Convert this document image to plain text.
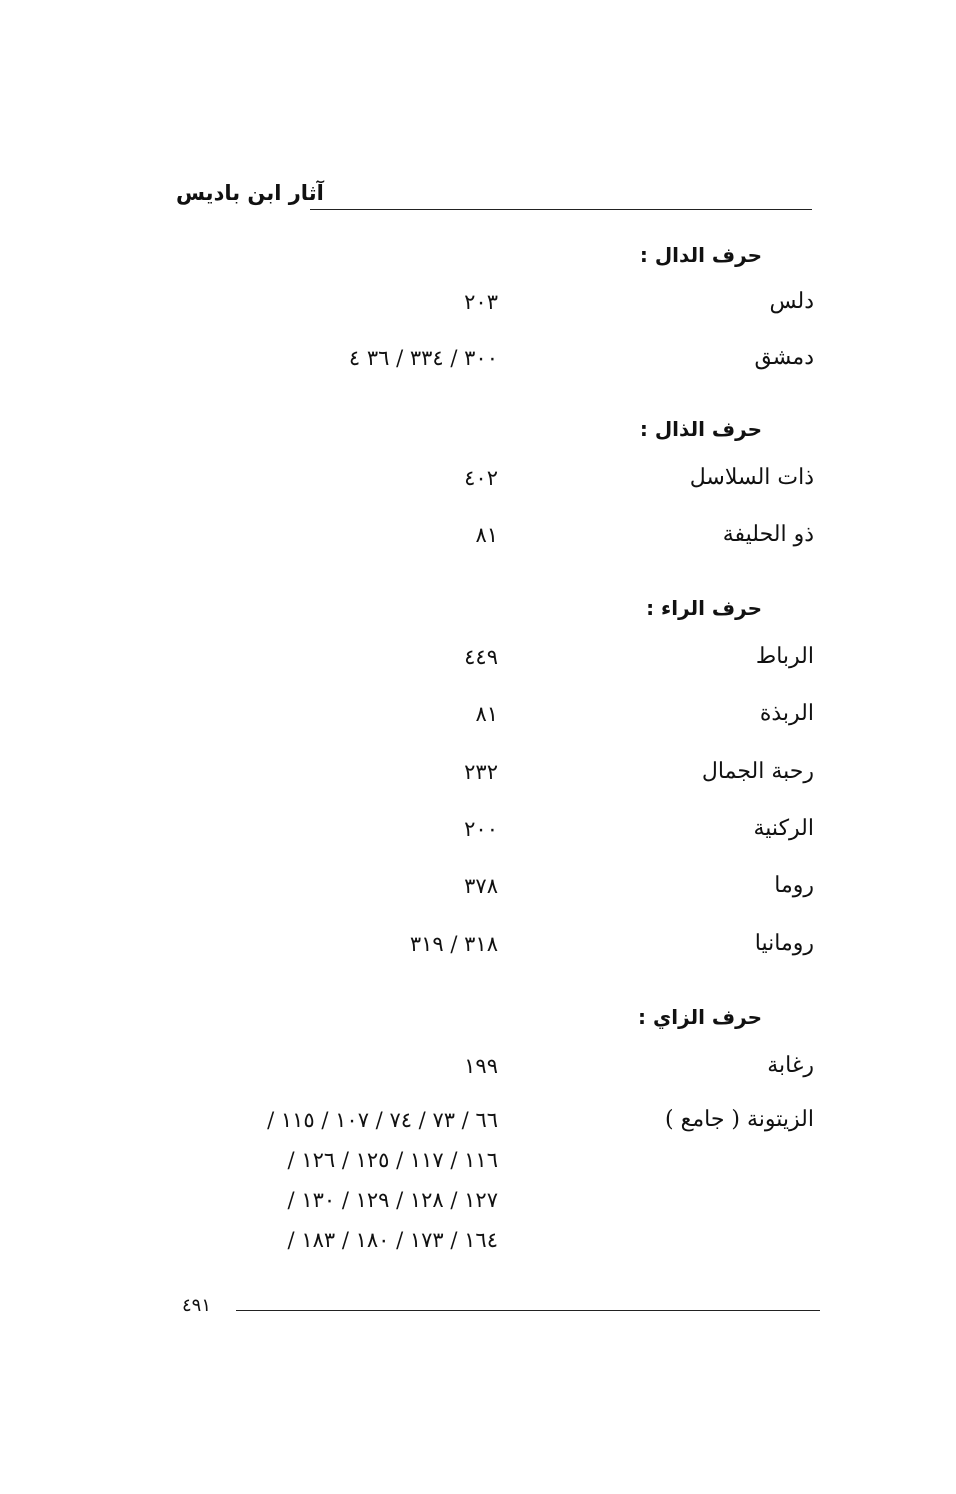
آثار ابن باديس
حرف الدال :
دلس
٢٠٣
دمشق
٣٠٠ / ٣٣٤ / ٣٦ ٤
حرف الذال :
ذات السلاسل
٤٠٢
ذو الحليفة
٨١
حرف الراء :
الرباط
٤٤٩
الربذة
٨١
رحبة الجمال
٢٣٢
الركنية
٢٠٠
روما
٣٧٨
رومانيا
٣١٨ / ٣١٩
حرف الزاي :
رغابة
١٩٩
الزيتونة ( جامع )
٦٦ / ٧٣ / ٧٤ / ١٠٧ / ١١٥ /
١١٦ / ١١٧ / ١٢٥ / ١٢٦ /
١٢٧ / ١٢٨ / ١٢٩ / ١٣٠ /
١٦٤ / ١٧٣ / ١٨٠ / ١٨٣ /
٤٩١
